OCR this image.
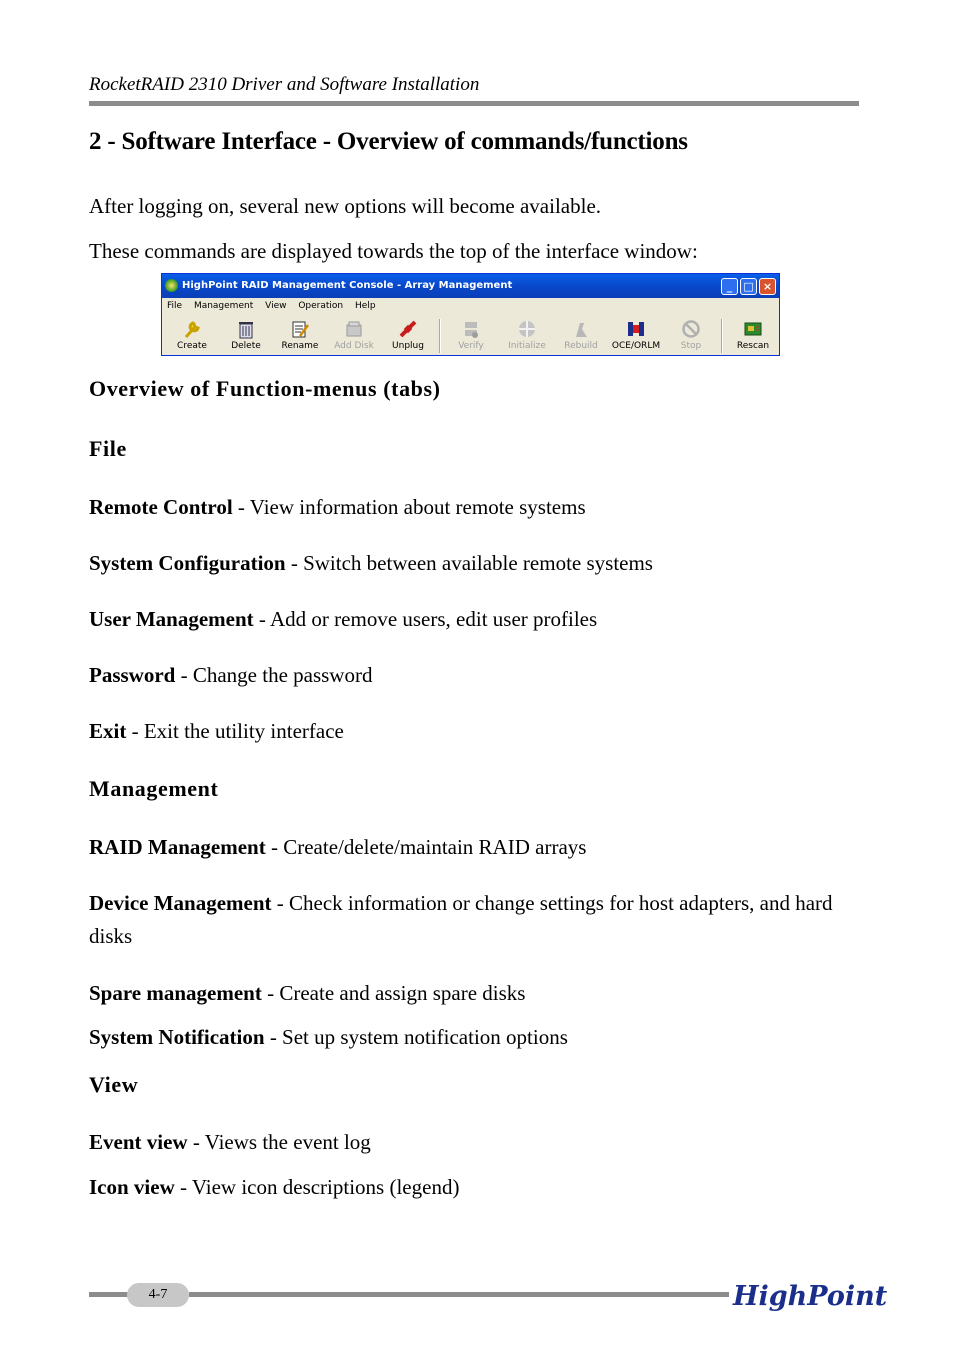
RocketRAID 2310 Driver and Software Installation
2 - Software Interface - Overview of commands/functions
After logging on, several new options will become available.
These commands are displayed towards the top of the interface window:
HighPoint RAID Management Console - Array Management	_	□ ×
File Management View Operation Help
Create	Delete	Rename	Add Disk	Unplug	Verify	Initialize	Rebuild	OCE/ORLM	Stop	Rescan
Overview of Function-menus (tabs)
File
Remote Control - View information about remote systems
System Configuration - Switch between available remote systems
User Management - Add or remove users, edit user profiles
Password - Change the password
Exit - Exit the utility interface
Management
RAID Management - Create/delete/maintain RAID arrays
Device Management - Check information or change settings for host adapters, and hard disks
Spare management - Create and assign spare disks
System Notification - Set up system notification options
View
Event view - Views the event log
Icon view - View icon descriptions (legend)
4-7	HighPoint
